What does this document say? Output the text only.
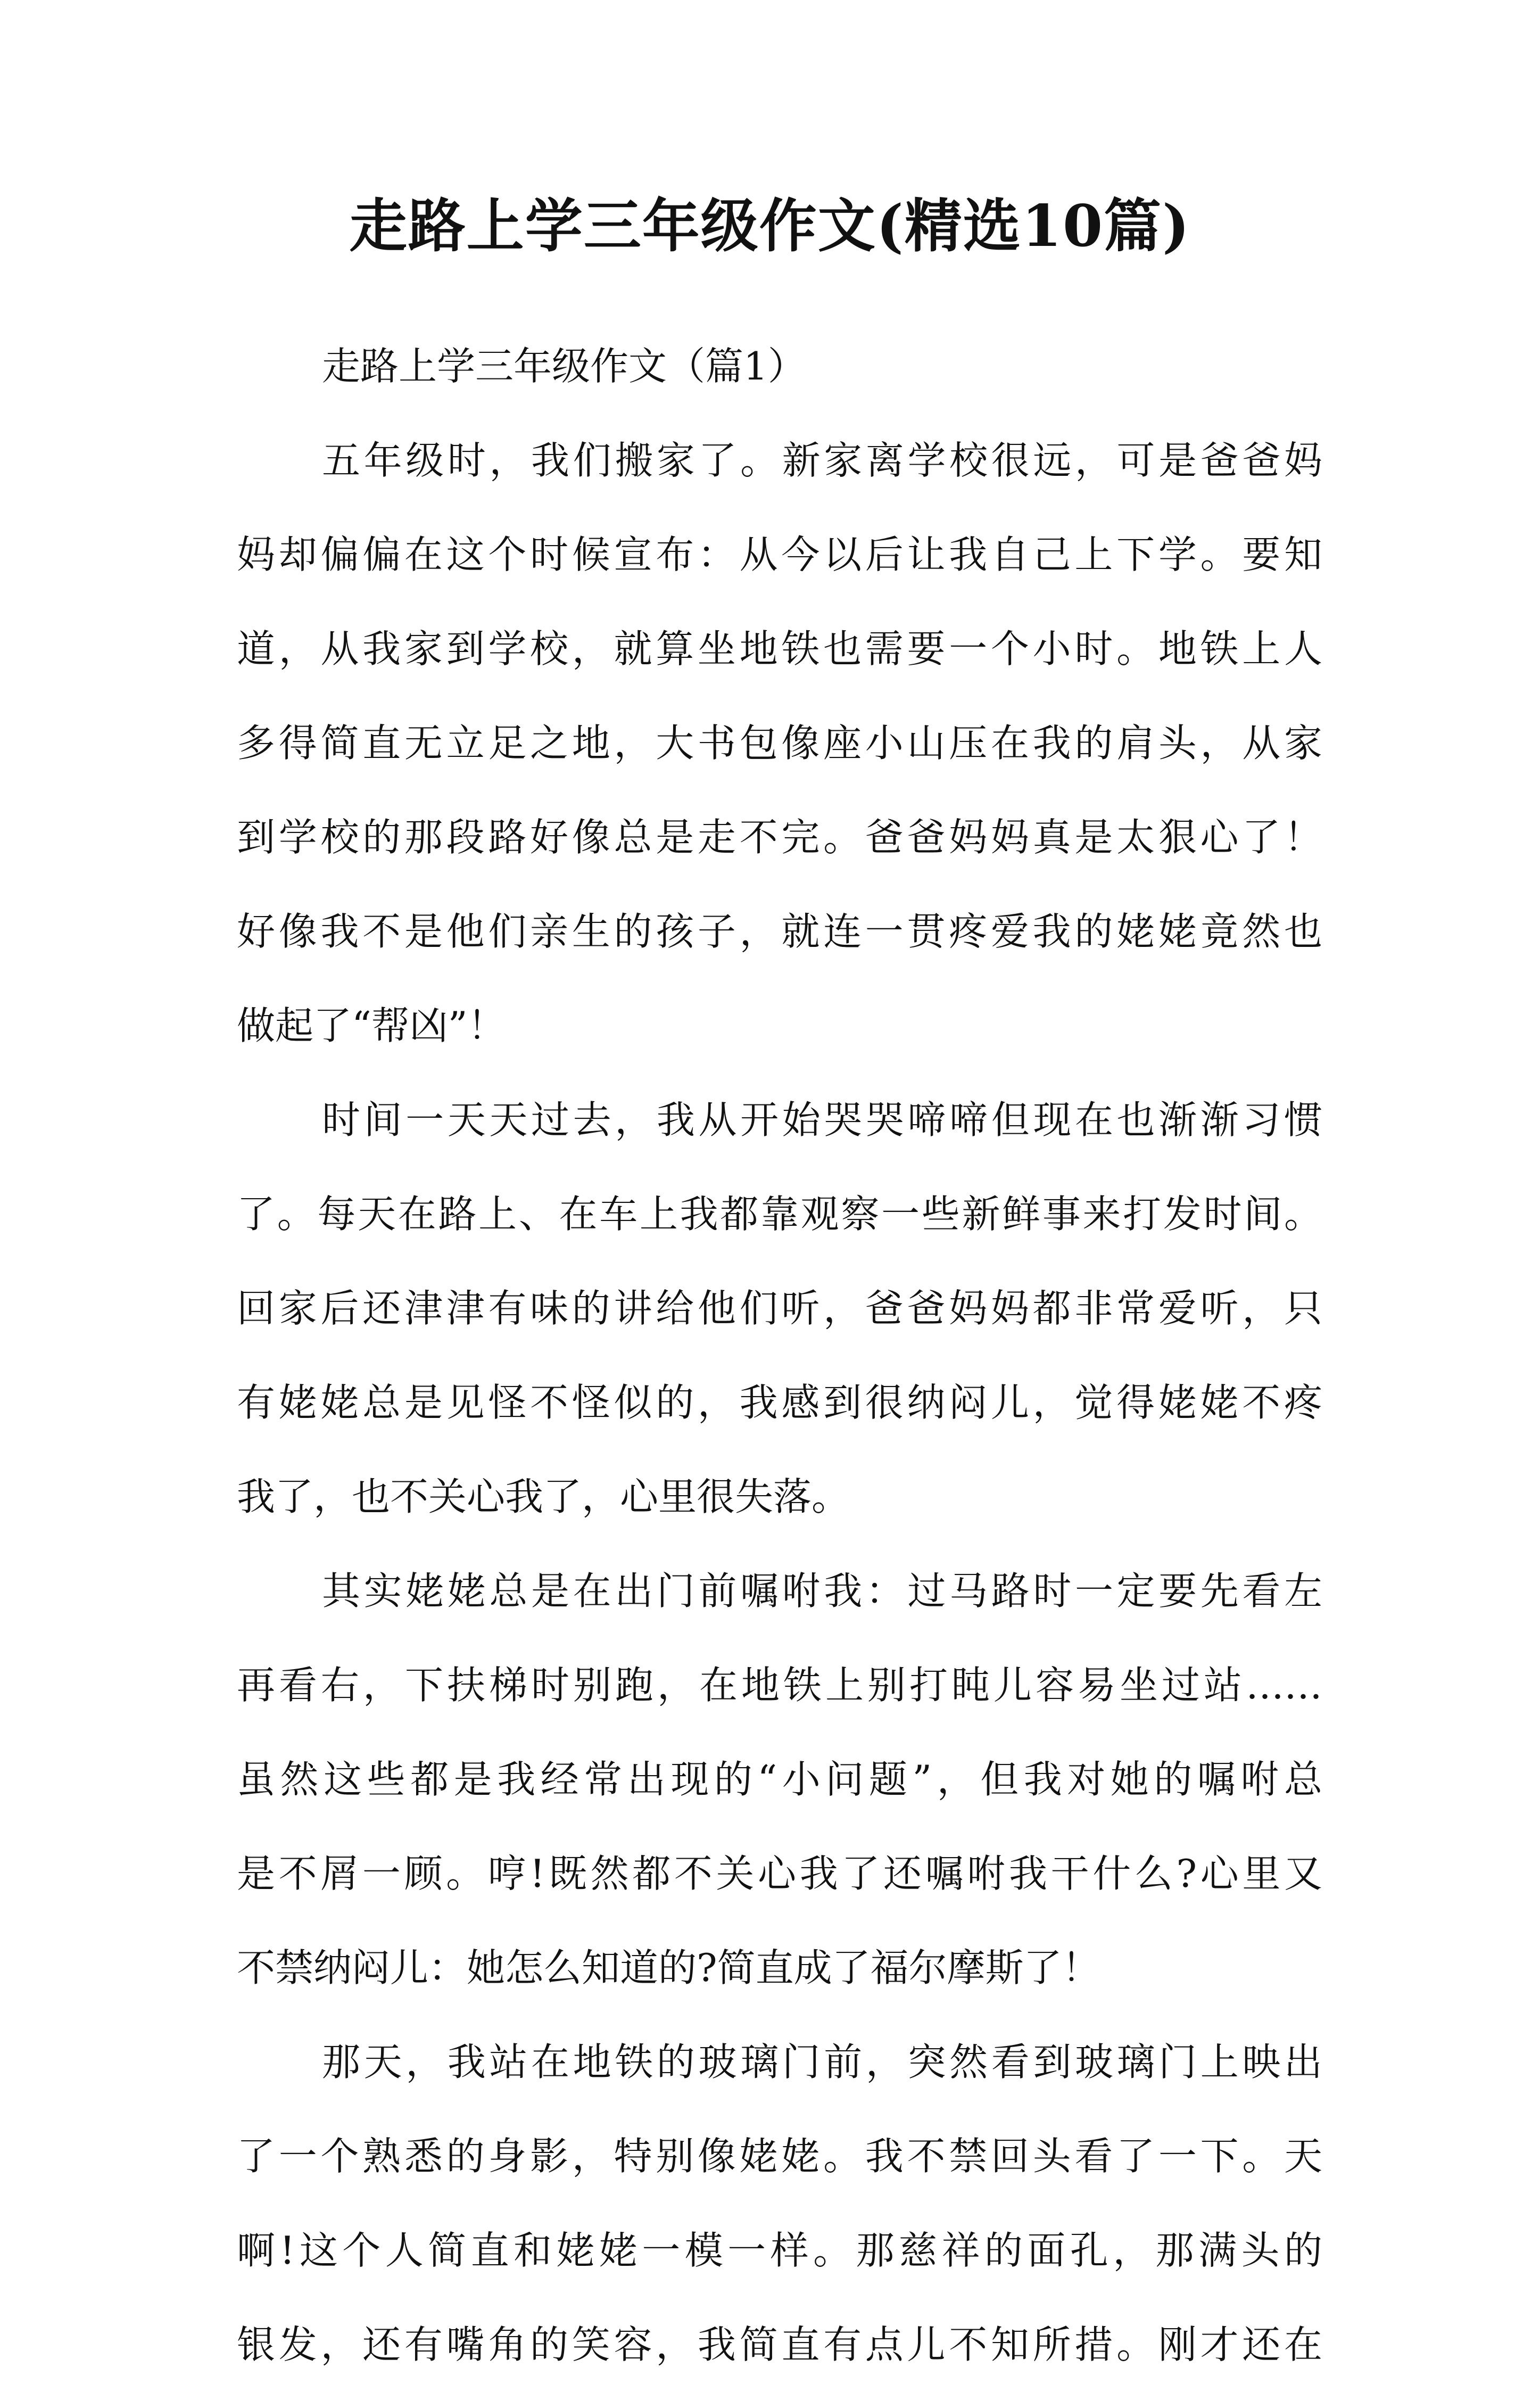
走路上学三年级作文(精选10篇)
走路上学三年级作文（篇1）
五年级时，我们搬家了。新家离学校很远，可是爸爸妈
妈却偏偏在这个时候宣布：从今以后让我自己上下学。要知
道，从我家到学校，就算坐地铁也需要一个小时。地铁上人
多得简直无立足之地，大书包像座小山压在我的肩头，从家
到学校的那段路好像总是走不完。爸爸妈妈真是太狠心了！
好像我不是他们亲生的孩子，就连一贯疼爱我的姥姥竟然也
做起了“帮凶”！
时间一天天过去，我从开始哭哭啼啼但现在也渐渐习惯
了。每天在路上、在车上我都靠观察一些新鲜事来打发时间。
回家后还津津有味的讲给他们听，爸爸妈妈都非常爱听，只
有姥姥总是见怪不怪似的，我感到很纳闷儿，觉得姥姥不疼
我了，也不关心我了，心里很失落。
其实姥姥总是在出门前嘱咐我：过马路时一定要先看左
再看右，下扶梯时别跑，在地铁上别打盹儿容易坐过站……
虽然这些都是我经常出现的“小问题”，但我对她的嘱咐总
是不屑一顾。哼!既然都不关心我了还嘱咐我干什么?心里又
不禁纳闷儿：她怎么知道的?简直成了福尔摩斯了！
那天，我站在地铁的玻璃门前，突然看到玻璃门上映出
了一个熟悉的身影，特别像姥姥。我不禁回头看了一下。天
啊!这个人简直和姥姥一模一样。那慈祥的面孔，那满头的
银发，还有嘴角的笑容，我简直有点儿不知所措。刚才还在
